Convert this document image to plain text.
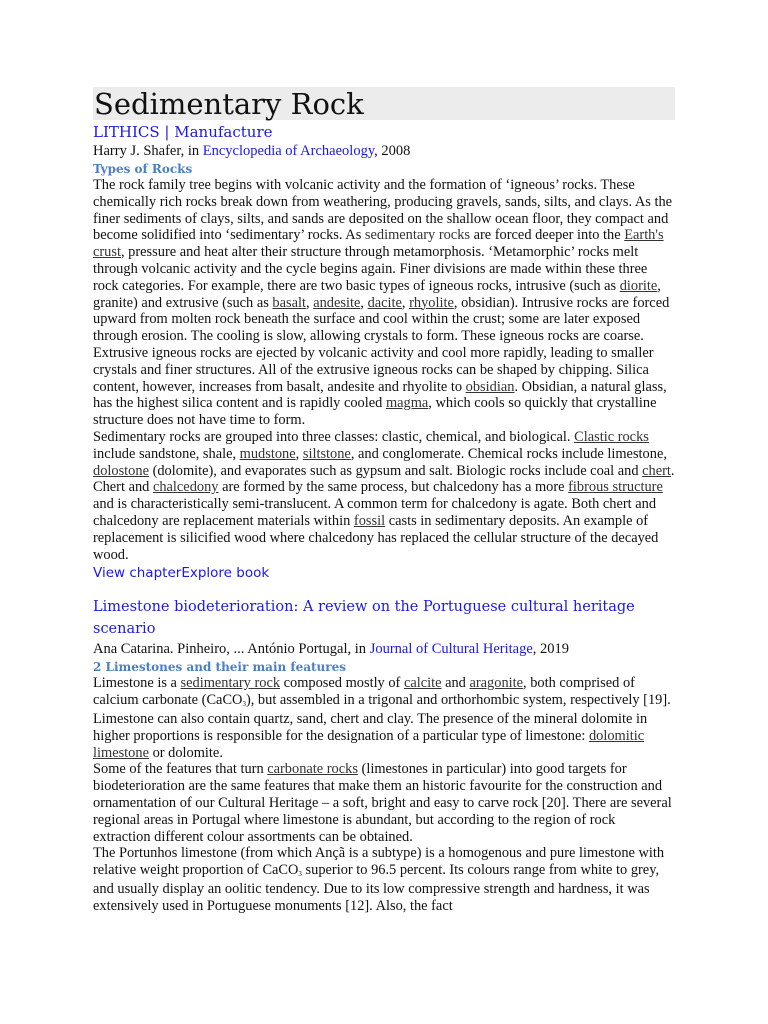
Sedimentary Rock
LITHICS | Manufacture
Harry J. Shafer, in Encyclopedia of Archaeology, 2008
Types of Rocks

The rock family tree begins with volcanic activity and the formation of ‘igneous’ rocks. These chemically rich rocks break down from weathering, producing gravels, sands, silts, and clays. As the finer sediments of clays, silts, and sands are deposited on the shallow ocean floor, they compact and become solidified into ‘sedimentary’ rocks. As sedimentary rocks are forced deeper into the Earth's crust, pressure and heat alter their structure through metamorphosis. ‘Metamorphic’ rocks melt through volcanic activity and the cycle begins again. Finer divisions are made within these three rock categories. For example, there are two basic types of igneous rocks, intrusive (such as diorite, granite) and extrusive (such as basalt, andesite, dacite, rhyolite, obsidian). Intrusive rocks are forced upward from molten rock beneath the surface and cool within the crust; some are later exposed through erosion. The cooling is slow, allowing crystals to form. These igneous rocks are coarse. Extrusive igneous rocks are ejected by volcanic activity and cool more rapidly, leading to smaller crystals and finer structures. All of the extrusive igneous rocks can be shaped by chipping. Silica content, however, increases from basalt, andesite and rhyolite to obsidian. Obsidian, a natural glass, has the highest silica content and is rapidly cooled magma, which cools so quickly that crystalline structure does not have time to form.

Sedimentary rocks are grouped into three classes: clastic, chemical, and biological. Clastic rocks include sandstone, shale, mudstone, siltstone, and conglomerate. Chemical rocks include limestone, dolostone (dolomite), and evaporates such as gypsum and salt. Biologic rocks include coal and chert. Chert and chalcedony are formed by the same process, but chalcedony has a more fibrous structure and is characteristically semi-translucent. A common term for chalcedony is agate. Both chert and chalcedony are replacement materials within fossil casts in sedimentary deposits. An example of replacement is silicified wood where chalcedony has replaced the cellular structure of the decayed wood.

View chapterExplore book
Limestone biodeterioration: A review on the Portuguese cultural heritage scenario
Ana Catarina. Pinheiro, ... António Portugal, in Journal of Cultural Heritage, 2019
2 Limestones and their main features

Limestone is a sedimentary rock composed mostly of calcite and aragonite, both comprised of calcium carbonate (CaCO$_3$), but assembled in a trigonal and orthorhombic system, respectively [19]. Limestone can also contain quartz, sand, chert and clay. The presence of the mineral dolomite in higher proportions is responsible for the designation of a particular type of limestone: dolomitic limestone or dolomite.

Some of the features that turn carbonate rocks (limestones in particular) into good targets for biodeterioration are the same features that make them an historic favourite for the construction and ornamentation of our Cultural Heritage – a soft, bright and easy to carve rock [20]. There are several regional areas in Portugal where limestone is abundant, but according to the region of rock extraction different colour assortments can be obtained.

The Portunhos limestone (from which Ançã is a subtype) is a homogenous and pure limestone with relative weight proportion of CaCO$_3$ superior to 96.5 percent. Its colours range from white to grey, and usually display an oolitic tendency. Due to its low compressive strength and hardness, it was extensively used in Portuguese monuments [12]. Also, the fact
